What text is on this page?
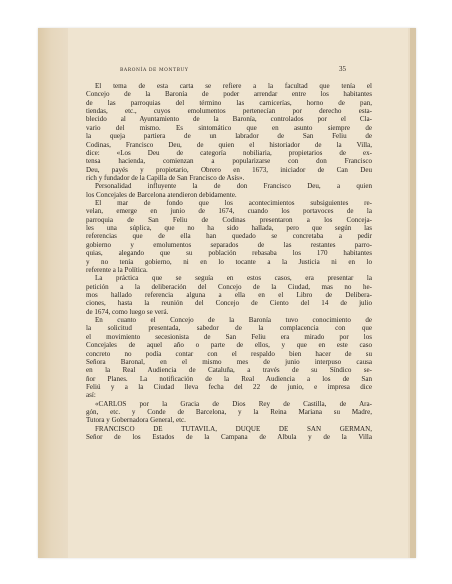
BARONÍA DE MONTBUY	35
El tema de esta carta se refiere a la facultad que tenía el
Concejo de la Baronía de poder arrendar entre los habitantes
de las parroquias del término las carnicerías, horno de pan,
tiendas, etc., cuyos emolumentos pertenecían por derecho esta-
blecido al Ayuntamiento de la Baronía, controlados por el Cla-
vario del mismo. Es sintomático que en asunto siempre de
la queja partiera de un labrador de San Feliu de
Codinas, Francisco Deu, de quien el historiador de la Villa,
dice: «Los Deu de categoría nobiliaria, propietarios de ex-
tensa hacienda, comienzan a popularizarse con don Francisco
Deu, payés y propietario, Obrero en 1673, iniciador de Can Deu
rich y fundador de la Capilla de San Francisco de Asís».
Personalidad influyente la de don Francisco Deu, a quien
los Concejales de Barcelona atendieron debidamente.
El mar de fondo que los acontecimientos subsiguientes re-
velan, emerge en junio de 1674, cuando los portavoces de la
parroquia de San Feliu de Codinas presentaron a los Conceja-
les una súplica, que no ha sido hallada, pero que según las
referencias que de ella han quedado se concretaba a pedir
gobierno y emolumentos separados de las restantes parro-
quias, alegando que su población rebasaba los 170 habitantes
y no tenía gobierno, ni en lo tocante a la Justicia ni en lo
referente a la Política.
La práctica que se seguía en estos casos, era presentar la
petición a la deliberación del Concejo de la Ciudad, mas no he-
mos hallado referencia alguna a ella en el Libro de Delibera-
ciones, hasta la reunión del Concejo de Ciento del 14 de julio
de 1674, como luego se verá.
En cuanto el Concejo de la Baronía tuvo conocimiento de
la solicitud presentada, sabedor de la complacencia con que
el movimiento secesionista de San Feliu era mirado por los
Concejales de aquel año o parte de ellos, y que en este caso
concreto no podía contar con el respaldo bien hacer de su
Señora Baronal, en el mismo mes de junio interpuso causa
en la Real Audiencia de Cataluña, a través de su Síndico se-
ñor Planes. La notificación de la Real Audiencia a los de San
Feliú y a la Ciudad lleva fecha del 22 de junio, e impresa dice
así:
«CARLOS por la Gracia de Dios Rey de Castilla, de Ara-
gón, etc. y Conde de Barcelona, y la Reina Mariana su Madre,
Tutora y Gobernadora General, etc.
FRANCISCO DE TUTAVILA, DUQUE DE SAN GERMAN,
Señor de los Estados de la Campana de Albula y de la Villa
